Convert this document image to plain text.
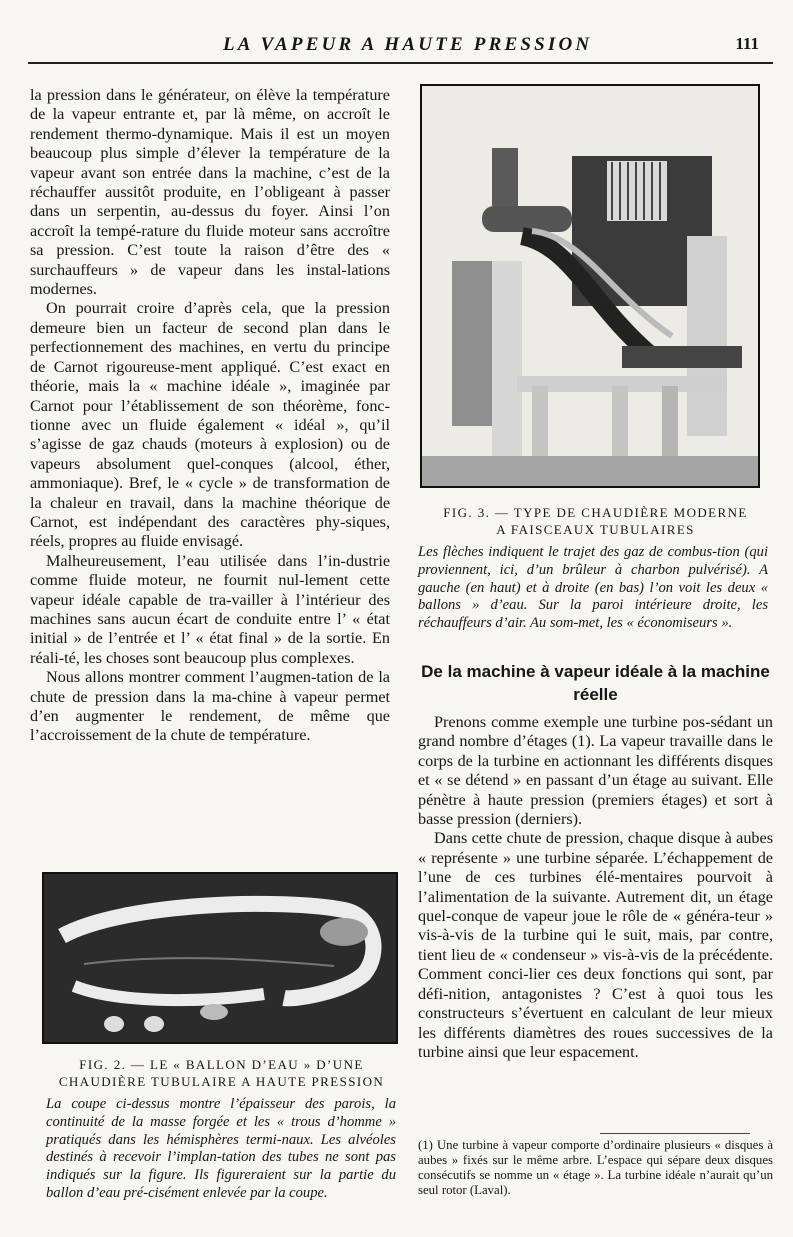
LA VAPEUR A HAUTE PRESSION	111

la pression dans le générateur, on élève la température de la vapeur entrante et, par là même, on accroît le rendement thermo-dynamique. Mais il est un moyen beaucoup plus simple d’élever la température de la vapeur avant son entrée dans la machine, c’est de la réchauffer aussitôt produite, en l’obligeant à passer dans un serpentin, au-dessus du foyer. Ainsi l’on accroît la tempé-rature du fluide moteur sans accroître sa pression. C’est toute la raison d’être des « surchauffeurs » de vapeur dans les instal-lations modernes.

On pourrait croire d’après cela, que la pression demeure bien un facteur de second plan dans le perfectionnement des machines, en vertu du principe de Carnot rigoureuse-ment appliqué. C’est exact en théorie, mais la « machine idéale », imaginée par Carnot pour l’établissement de son théorème, fonc-tionne avec un fluide également « idéal », qu’il s’agisse de gaz chauds (moteurs à explosion) ou de vapeurs absolument quel-conques (alcool, éther, ammoniaque). Bref, le « cycle » de transformation de la chaleur en travail, dans la machine théorique de Carnot, est indépendant des caractères phy-siques, réels, propres au fluide envisagé.

Malheureusement, l’eau utilisée dans l’in-dustrie comme fluide moteur, ne fournit nul-lement cette vapeur idéale capable de tra-vailler à l’intérieur des machines sans aucun écart de conduite entre l’ « état initial » de l’entrée et l’ « état final » de la sortie. En réali-té, les choses sont beaucoup plus complexes.

Nous allons montrer comment l’augmen-tation de la chute de pression dans la ma-chine à vapeur permet d’en augmenter le rendement, de même que l’accroissement de la chute de température.

FIG. 3. — TYPE DE CHAUDIÈRE MODERNE
A FAISCEAUX TUBULAIRES
Les flèches indiquent le trajet des gaz de combus-tion (qui proviennent, ici, d’un brûleur à charbon pulvérisé). A gauche (en haut) et à droite (en bas) l’on voit les deux « ballons » d’eau. Sur la paroi intérieure droite, les réchauffeurs d’air. Au som-met, les « économiseurs ».
De la machine à vapeur idéale à la machine réelle

Prenons comme exemple une turbine pos-sédant un grand nombre d’étages (1). La vapeur travaille dans le corps de la turbine en actionnant les différents disques et « se détend » en passant d’un étage au suivant. Elle pénètre à haute pression (premiers étages) et sort à basse pression (derniers).

Dans cette chute de pression, chaque disque à aubes « représente » une turbine séparée. L’échappement de l’une de ces turbines élé-mentaires pourvoit à l’alimentation de la suivante. Autrement dit, un étage quel-conque de vapeur joue le rôle de « généra-teur » vis-à-vis de la turbine qui le suit, mais, par contre, tient lieu de « condenseur » vis-à-vis de la précédente. Comment conci-lier ces deux fonctions qui sont, par défi-nition, antagonistes ? C’est à quoi tous les constructeurs s’évertuent en calculant de leur mieux les différents diamètres des roues successives de la turbine ainsi que leur espacement.

(1) Une turbine à vapeur comporte d’ordinaire plusieurs « disques à aubes » fixés sur le même arbre. L’espace qui sépare deux disques consécutifs se nomme un « étage ». La turbine idéale n’aurait qu’un seul rotor (Laval).
FIG. 2. — LE « BALLON D’EAU » D’UNE
CHAUDIÈRE TUBULAIRE A HAUTE PRESSION
La coupe ci-dessus montre l’épaisseur des parois, la continuité de la masse forgée et les « trous d’homme » pratiqués dans les hémisphères termi-naux. Les alvéoles destinés à recevoir l’implan-tation des tubes ne sont pas indiqués sur la figure. Ils figureraient sur la partie du ballon d’eau pré-cisément enlevée par la coupe.
